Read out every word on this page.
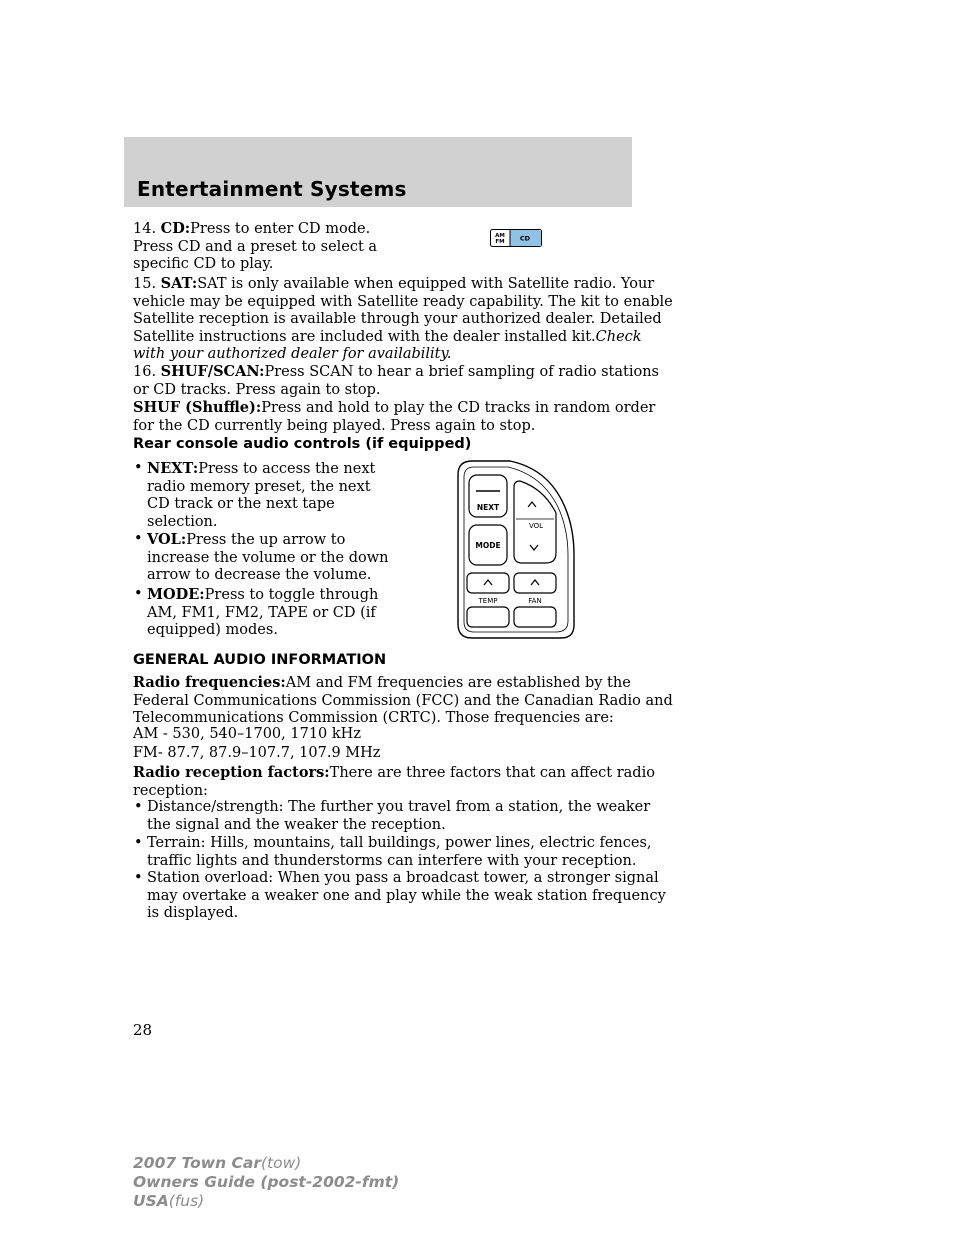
Entertainment Systems
14. CD:Press to enter CD mode.
Press CD and a preset to select a
specific CD to play.
AM
FM CD
15. SAT:SAT is only available when equipped with Satellite radio. Your
vehicle may be equipped with Satellite ready capability. The kit to enable
Satellite reception is available through your authorized dealer. Detailed
Satellite instructions are included with the dealer installed kit.Check
with your authorized dealer for availability.
16. SHUF/SCAN:Press SCAN to hear a brief sampling of radio stations
or CD tracks. Press again to stop.
SHUF (Shuffle):Press and hold to play the CD tracks in random order
for the CD currently being played. Press again to stop.
Rear console audio controls (if equipped)
• NEXT:Press to access the next
radio memory preset, the next
CD track or the next tape
selection.
• VOL:Press the up arrow to
increase the volume or the down
arrow to decrease the volume.
• MODE:Press to toggle through
AM, FM1, FM2, TAPE or CD (if
equipped) modes.
NEXT
MODE
VOL
TEMP	FAN
GENERAL AUDIO INFORMATION
Radio frequencies:AM and FM frequencies are established by the
Federal Communications Commission (FCC) and the Canadian Radio and
Telecommunications Commission (CRTC). Those frequencies are:
AM - 530, 540–1700, 1710 kHz
FM- 87.7, 87.9–107.7, 107.9 MHz
Radio reception factors:There are three factors that can affect radio
reception:
• Distance/strength: The further you travel from a station, the weaker
the signal and the weaker the reception.
• Terrain: Hills, mountains, tall buildings, power lines, electric fences,
traffic lights and thunderstorms can interfere with your reception.
• Station overload: When you pass a broadcast tower, a stronger signal
may overtake a weaker one and play while the weak station frequency
is displayed.
28
2007 Town Car(tow)
Owners Guide (post-2002-fmt)
USA(fus)
